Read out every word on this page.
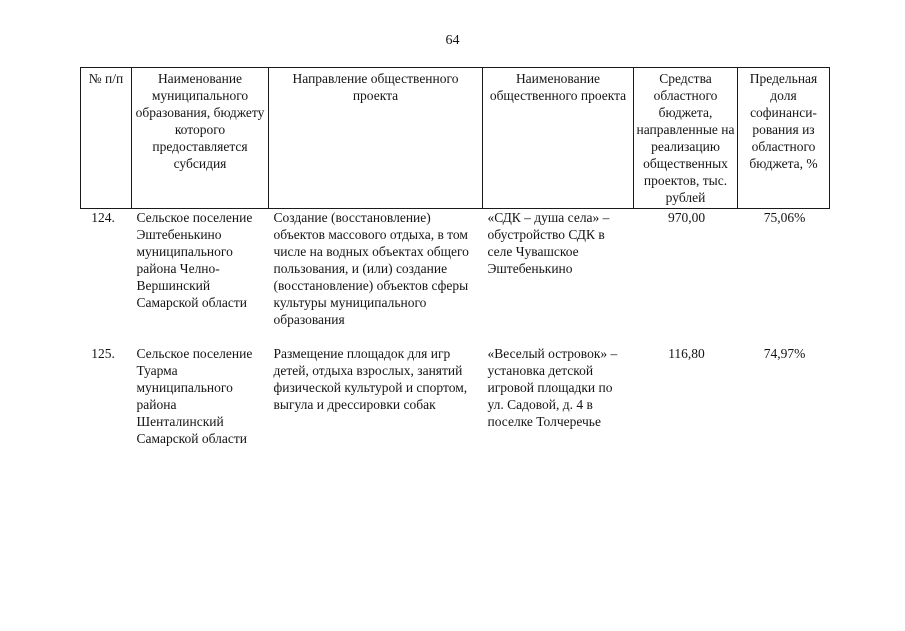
64
№ п/п	Наименование муниципального образования, бюджету которого предоставляется субсидия	Направление общественного проекта	Наименование общественного проекта	Средства областного бюджета, направленные на реализацию общественных проектов, тыс. рублей	Предельная доля софинанси-рования из областного бюджета, %
124.	Сельское поселение Эштебенькино муниципального района Челно-Вершинский Самарской области	Создание (восстановление) объектов массового отдыха, в том числе на водных объектах общего пользования, и (или) создание (восстановление) объектов сферы культуры муниципального образования	«СДК – душа села» – обустройство СДК в селе Чувашское Эштебенькино	970,00	75,06%
125.	Сельское поселение Туарма муниципального района Шенталинский Самарской области	Размещение площадок для игр детей, отдыха взрослых, занятий физической культурой и спортом, выгула и дрессировки собак	«Веселый островок» – установка детской игровой площадки по ул. Садовой, д. 4 в поселке Толчеречье	116,80	74,97%
